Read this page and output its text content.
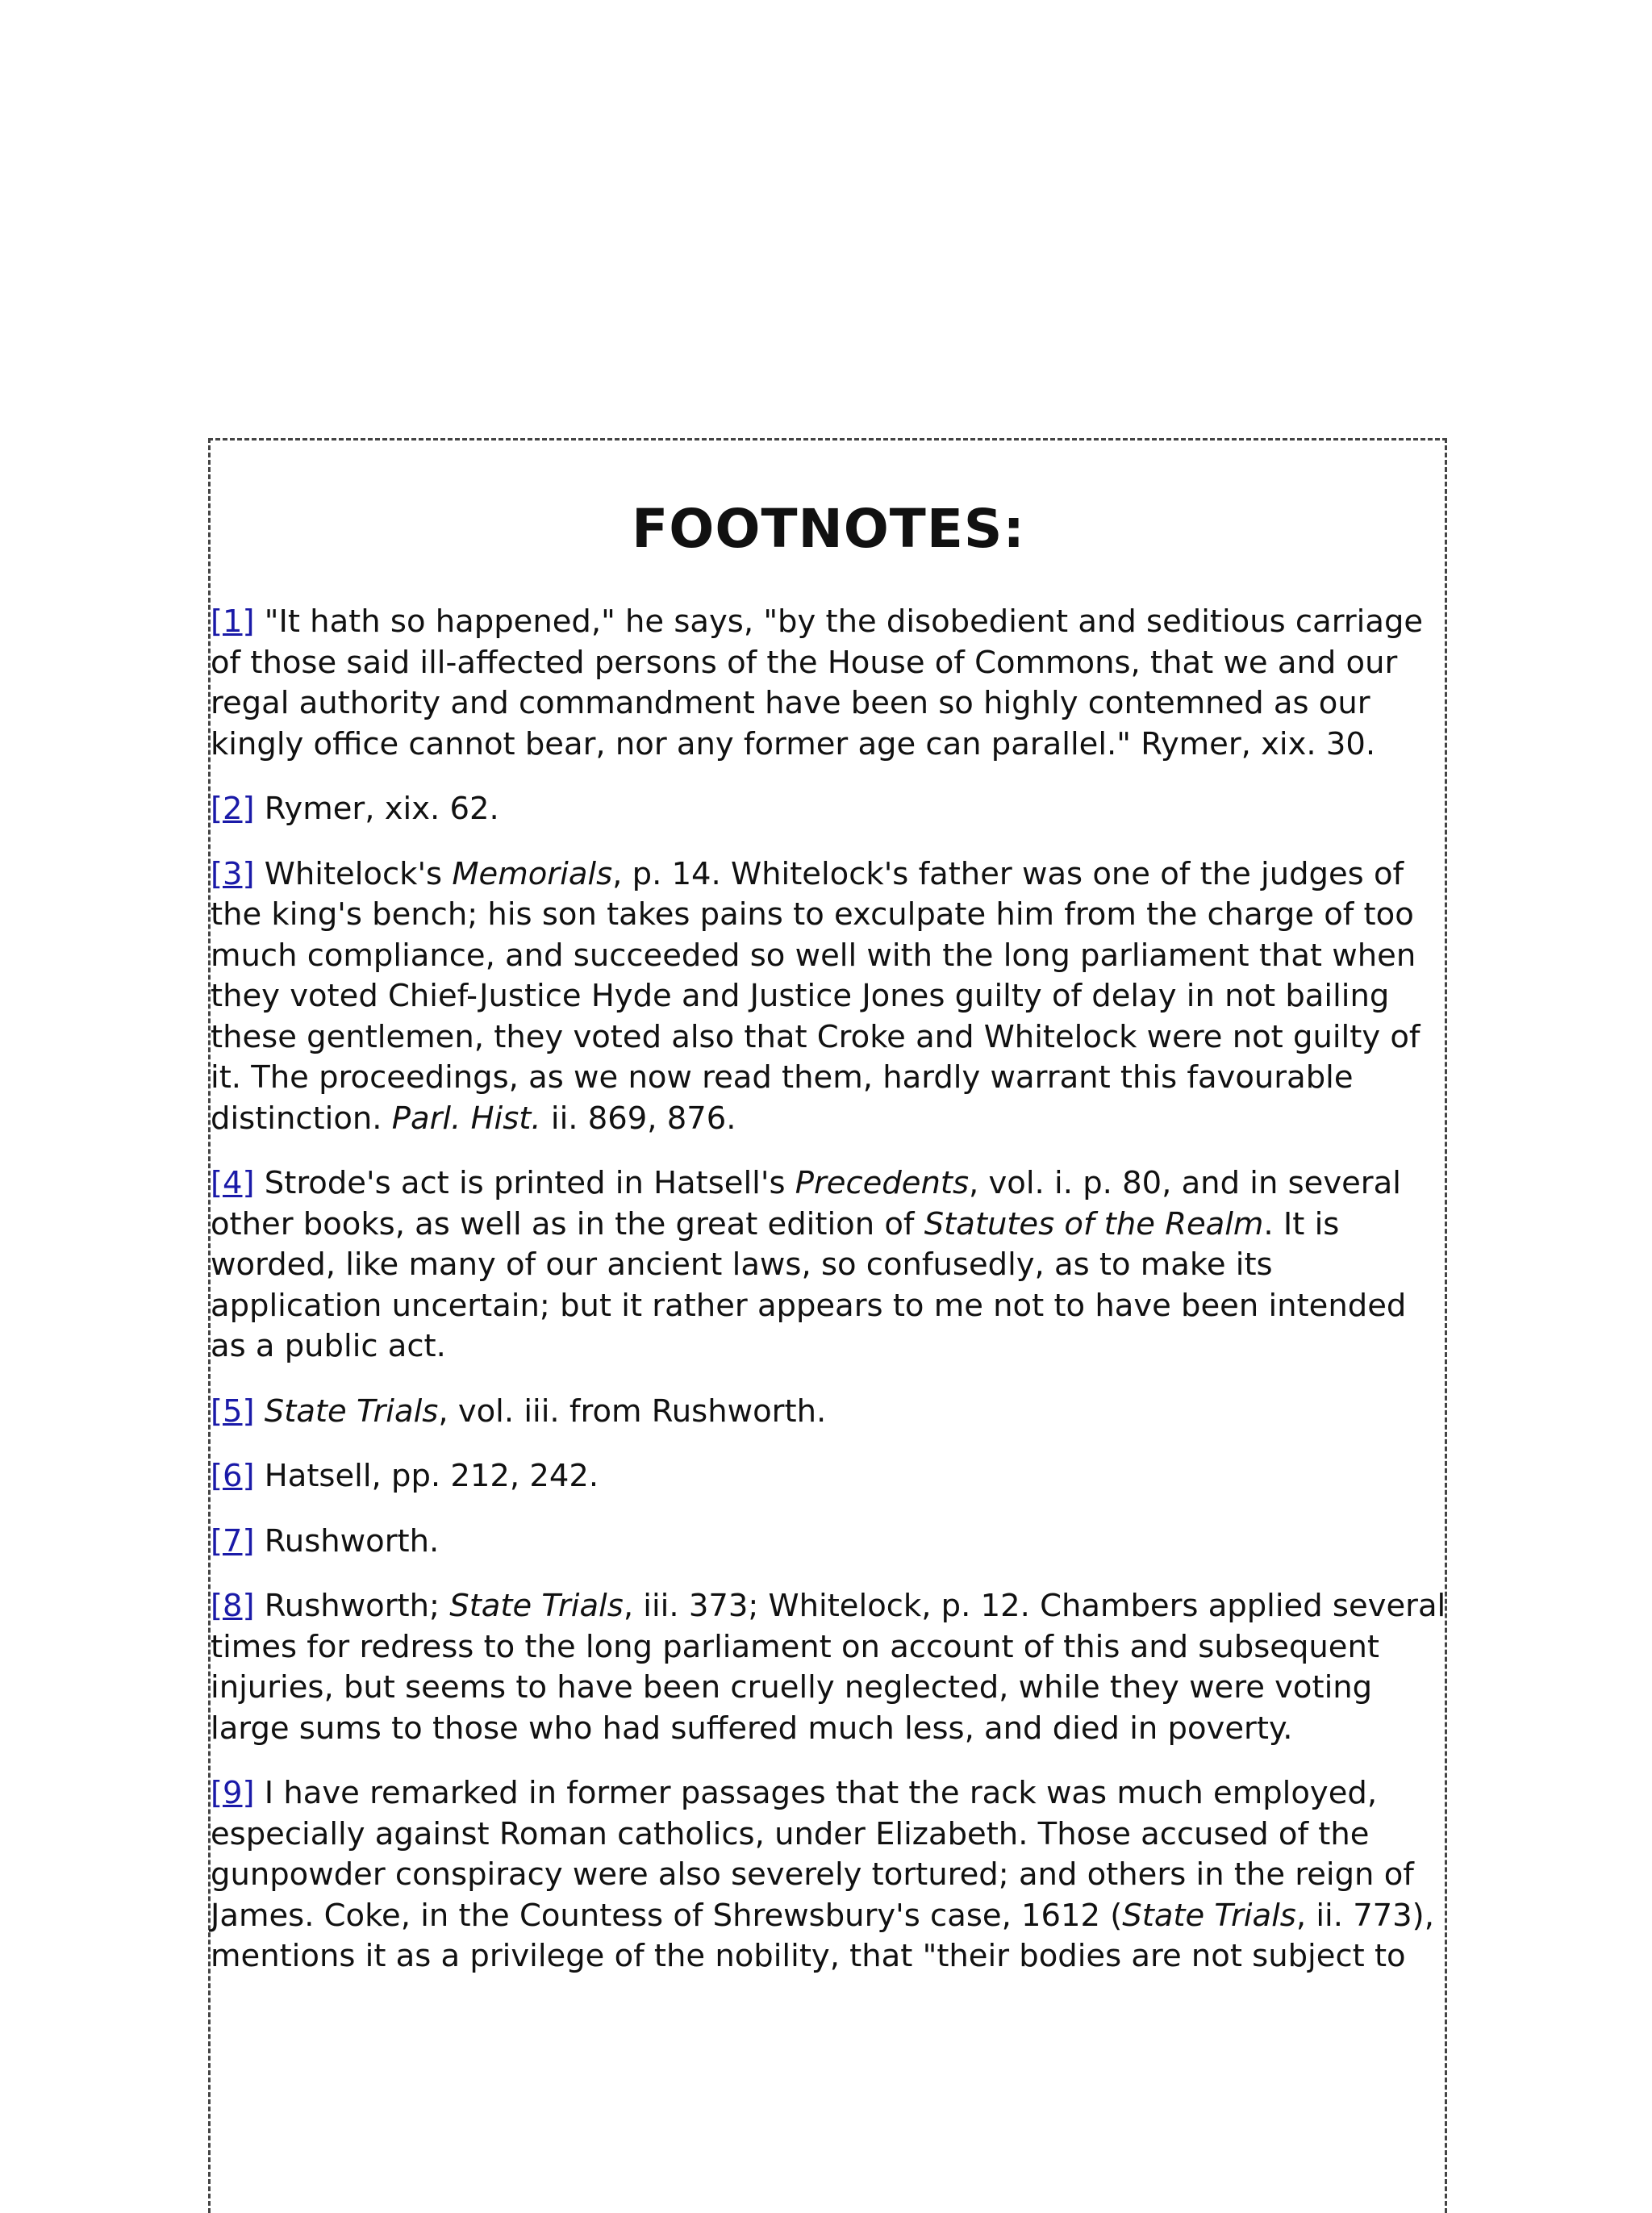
FOOTNOTES:

[1] "It hath so happened," he says, "by the disobedient and seditious carriage of those said ill-affected persons of the House of Commons, that we and our regal authority and commandment have been so highly contemned as our kingly office cannot bear, nor any former age can parallel." Rymer, xix. 30.

[2] Rymer, xix. 62.

[3] Whitelock's Memorials, p. 14. Whitelock's father was one of the judges of the king's bench; his son takes pains to exculpate him from the charge of too much compliance, and succeeded so well with the long parliament that when they voted Chief-Justice Hyde and Justice Jones guilty of delay in not bailing these gentlemen, they voted also that Croke and Whitelock were not guilty of it. The proceedings, as we now read them, hardly warrant this favourable distinction. Parl. Hist. ii. 869, 876.

[4] Strode's act is printed in Hatsell's Precedents, vol. i. p. 80, and in several other books, as well as in the great edition of Statutes of the Realm. It is worded, like many of our ancient laws, so confusedly, as to make its application uncertain; but it rather appears to me not to have been intended as a public act.

[5] State Trials, vol. iii. from Rushworth.

[6] Hatsell, pp. 212, 242.

[7] Rushworth.

[8] Rushworth; State Trials, iii. 373; Whitelock, p. 12. Chambers applied several times for redress to the long parliament on account of this and subsequent injuries, but seems to have been cruelly neglected, while they were voting large sums to those who had suffered much less, and died in poverty.

[9] I have remarked in former passages that the rack was much employed, especially against Roman catholics, under Elizabeth. Those accused of the gunpowder conspiracy were also severely tortured; and others in the reign of James. Coke, in the Countess of Shrewsbury's case, 1612 (State Trials, ii. 773), mentions it as a privilege of the nobility, that "their bodies are not subject to
